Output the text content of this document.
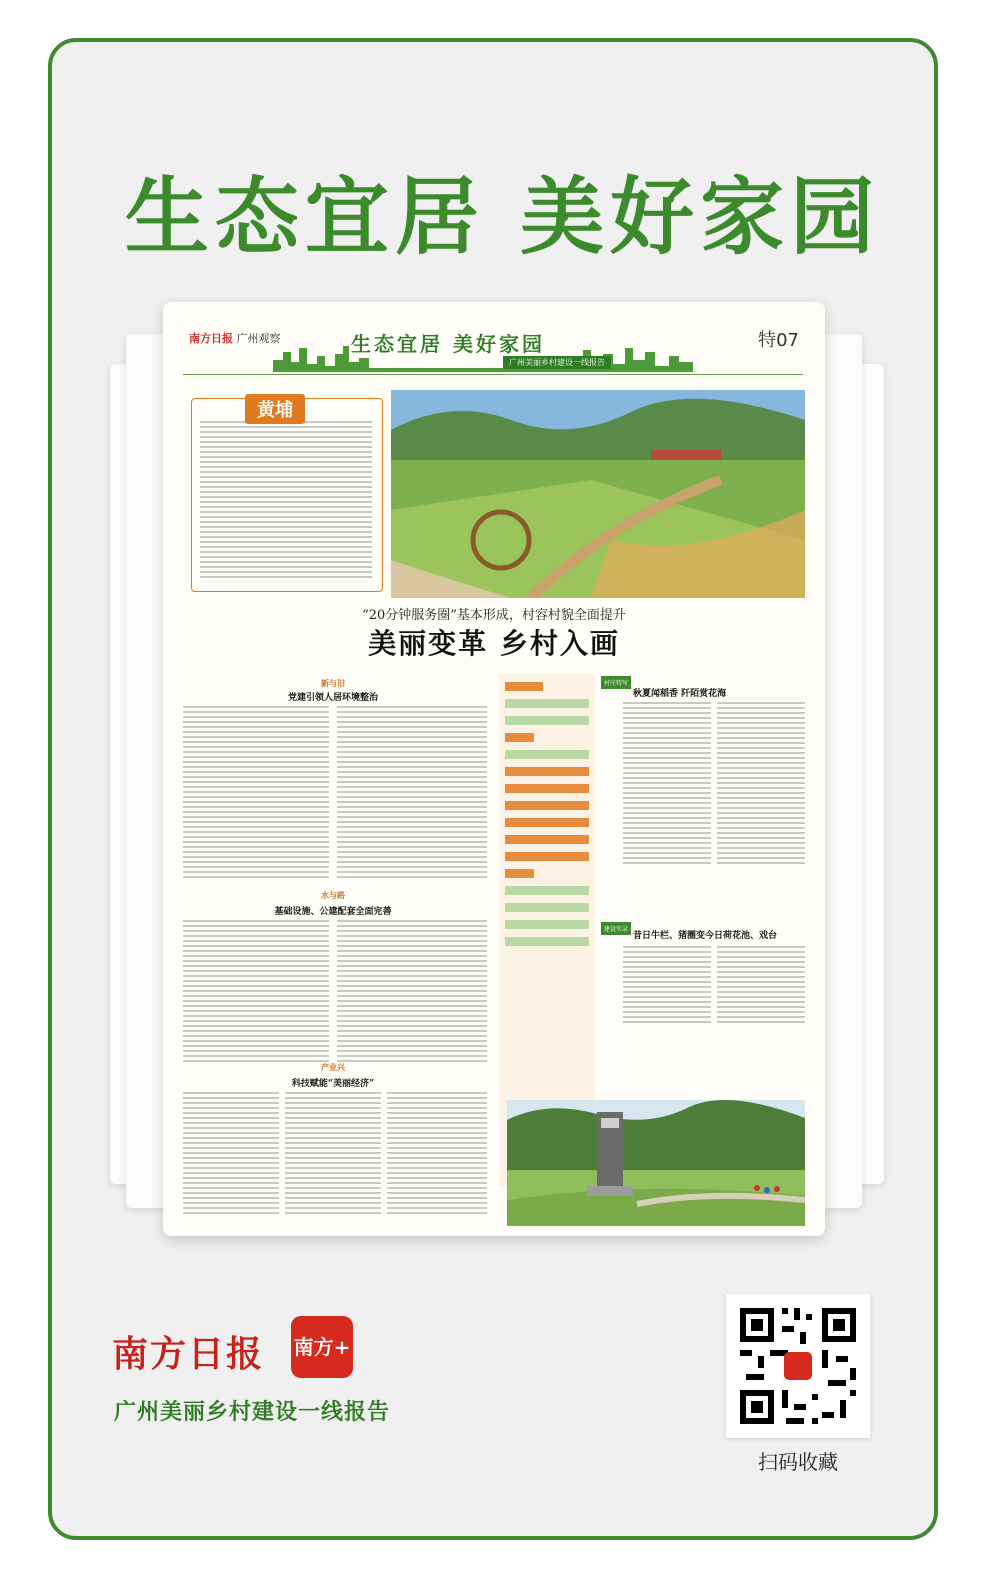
生态宜居 美好家园
南方日报 广州观察	生态宜居 美好家园
广州美丽乡村建设一线报告
特07
黄埔
“20分钟服务圈”基本形成，村容村貌全面提升
美丽变革 乡村入画
新与旧
党建引领人居环境整治
水与路
基础设施、公建配套全面完善
产业兴
科技赋能“美丽经济”
村庄特写
秋夏闻稻香 阡陌赏花海
建设实录
昔日牛栏、猪圈变今日荷花池、戏台
南方日报 南方+
广州美丽乡村建设一线报告
扫码收藏
